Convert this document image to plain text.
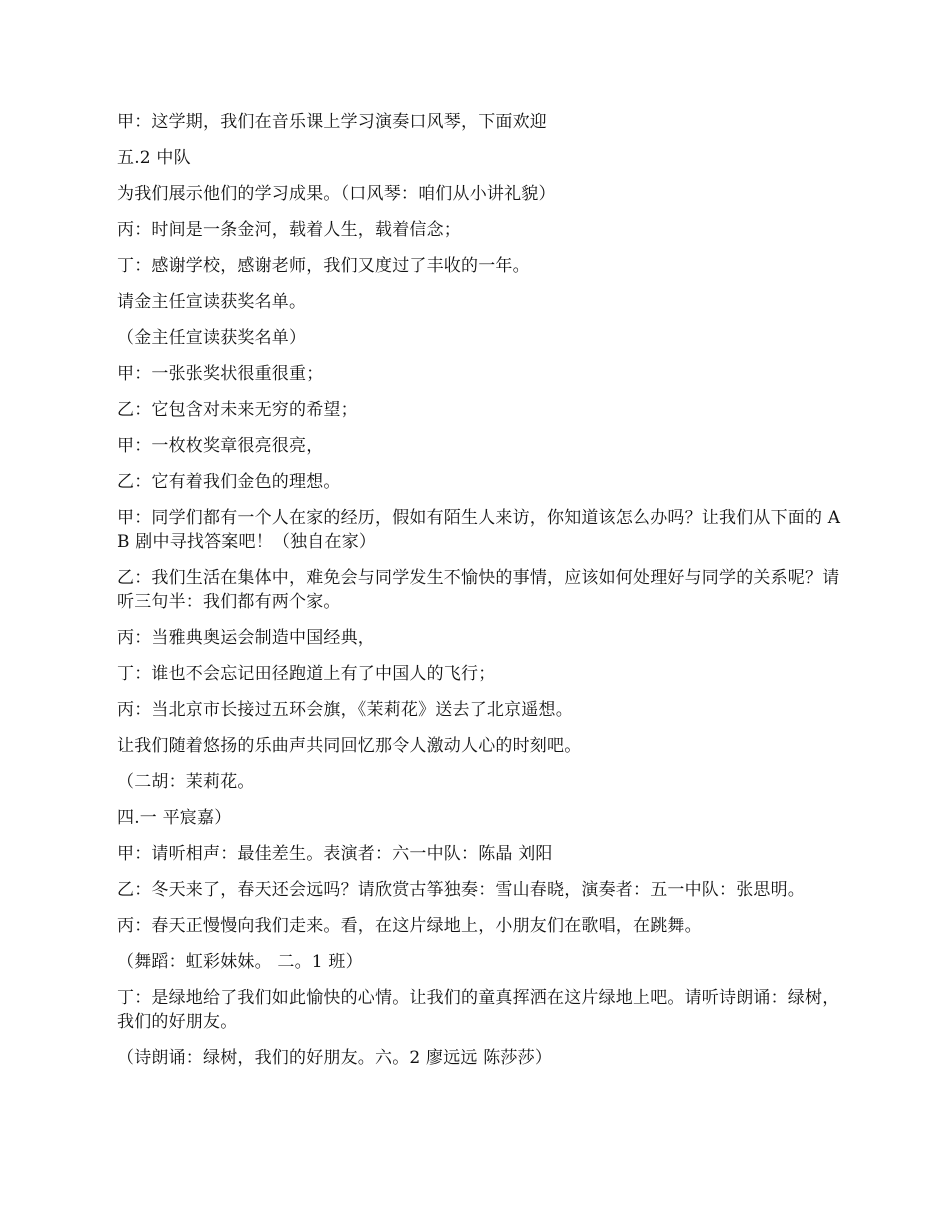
甲：这学期，我们在音乐课上学习演奏口风琴，下面欢迎

五.2 中队

为我们展示他们的学习成果。（口风琴：咱们从小讲礼貌）

丙：时间是一条金河，载着人生，载着信念；

丁：感谢学校，感谢老师，我们又度过了丰收的一年。

请金主任宣读获奖名单。

（金主任宣读获奖名单）

甲：一张张奖状很重很重；

乙：它包含对未来无穷的希望；

甲：一枚枚奖章很亮很亮，

乙：它有着我们金色的理想。

甲：同学们都有一个人在家的经历，假如有陌生人来访，你知道该怎么办吗？让我们从下面的 AB 剧中寻找答案吧！（独自在家）

乙：我们生活在集体中，难免会与同学发生不愉快的事情，应该如何处理好与同学的关系呢？请听三句半：我们都有两个家。

丙：当雅典奥运会制造中国经典，

丁：谁也不会忘记田径跑道上有了中国人的飞行；

丙：当北京市长接过五环会旗，《茉莉花》送去了北京遥想。

让我们随着悠扬的乐曲声共同回忆那令人激动人心的时刻吧。

（二胡：茉莉花。

四.一 平宸嘉）

甲：请听相声：最佳差生。表演者：六一中队：陈晶 刘阳

乙：冬天来了，春天还会远吗？请欣赏古筝独奏：雪山春晓，演奏者：五一中队：张思明。

丙：春天正慢慢向我们走来。看，在这片绿地上，小朋友们在歌唱，在跳舞。

（舞蹈：虹彩妹妹。 二。1 班）

丁：是绿地给了我们如此愉快的心情。让我们的童真挥洒在这片绿地上吧。请听诗朗诵：绿树，我们的好朋友。

（诗朗诵：绿树，我们的好朋友。六。2 廖远远 陈莎莎）
